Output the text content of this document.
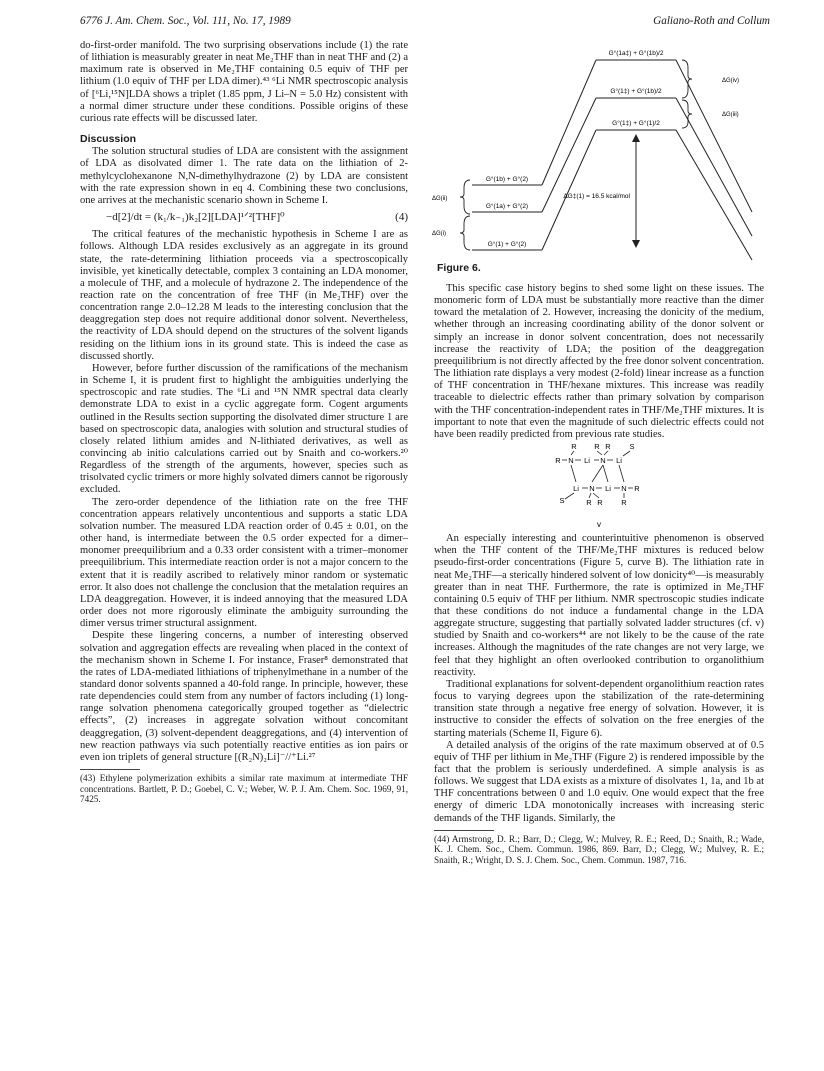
6776 J. Am. Chem. Soc., Vol. 111, No. 17, 1989	Galiano-Roth and Collum

do-first-order manifold. The two surprising observations include (1) the rate of lithiation is measurably greater in neat Me₂THF than in neat THF and (2) a maximum rate is observed in Me₂THF containing 0.5 equiv of THF per lithium (1.0 equiv of THF per LDA dimer).⁴³ ⁶Li NMR spectroscopic analysis of [⁶Li,¹⁵N]LDA shows a triplet (1.85 ppm, J Li–N = 5.0 Hz) consistent with a normal dimer structure under these conditions. Possible origins of these curious rate effects will be discussed later.

Discussion

The solution structural studies of LDA are consistent with the assignment of LDA as disolvated dimer 1. The rate data on the lithiation of 2-methylcyclohexanone N,N-dimethylhydrazone (2) by LDA are consistent with the rate expression shown in eq 4. Combining these two conclusions, one arrives at the mechanistic scenario shown in Scheme I.

−d[2]/dt = (k₁/k₋₁)k₂[2][LDA]¹ᐟ²[THF]⁰	(4)

The critical features of the mechanistic hypothesis in Scheme I are as follows. Although LDA resides exclusively as an aggregate in its ground state, the rate-determining lithiation proceeds via a spectroscopically invisible, yet kinetically detectable, complex 3 containing an LDA monomer, a molecule of THF, and a molecule of hydrazone 2. The independence of the reaction rate on the concentration of free THF (in Me₂THF) over the concentration range 2.0–12.28 M leads to the interesting conclusion that the deaggregation step does not require additional donor solvent. Nevertheless, the reactivity of LDA should depend on the structures of the solvent ligands residing on the lithium ions in its ground state. This is indeed the case as discussed shortly.

However, before further discussion of the ramifications of the mechanism in Scheme I, it is prudent first to highlight the ambiguities underlying the spectroscopic and rate studies. The ⁶Li and ¹⁵N NMR spectral data clearly demonstrate LDA to exist in a cyclic aggregate form. Cogent arguments outlined in the Results section supporting the disolvated dimer structure 1 are based on spectroscopic data, analogies with solution and structural studies of closely related lithium amides and N-lithiated derivatives, as well as convincing ab initio calculations carried out by Snaith and co-workers.²⁰ Regardless of the strength of the arguments, however, species such as trisolvated cyclic trimers or more highly solvated dimers cannot be rigorously excluded.

The zero-order dependence of the lithiation rate on the free THF concentration appears relatively uncontentious and supports a static LDA solvation number. The measured LDA reaction order of 0.45 ± 0.01, on the other hand, is intermediate between the 0.5 order expected for a dimer–monomer preequilibrium and a 0.33 order consistent with a trimer–monomer preequilibrium. This intermediate reaction order is not a major concern to the extent that it is readily ascribed to relatively minor random or systematic error. It also does not challenge the conclusion that the metalation requires an LDA deaggregation. However, it is indeed annoying that the measured LDA order does not more rigorously eliminate the ambiguity surrounding the dimer versus trimer structural assignment.

Despite these lingering concerns, a number of interesting observed solvation and aggregation effects are revealing when placed in the context of the mechanism shown in Scheme I. For instance, Fraser⁸ demonstrated that the rates of LDA-mediated lithiations of triphenylmethane in a number of the standard donor solvents spanned a 40-fold range. In principle, however, these rate dependencies could stem from any number of factors including (1) long-range solvation phenomena categorically grouped together as “dielectric effects”, (2) increases in aggregate solvation without concomitant deaggregation, (3) solvent-dependent deaggregations, and (4) intervention of new reaction pathways via such potentially reactive entities as ion pairs or even ion triplets of general structure [(R₂N)₂Li]⁻//⁺Li.²⁷

(43) Ethylene polymerization exhibits a similar rate maximum at intermediate THF concentrations. Bartlett, P. D.; Goebel, C. V.; Weber, W. P. J. Am. Chem. Soc. 1969, 91, 7425.
G°(1a‡) + G°(1b)/2
G°(1‡) + G°(1b)/2
G°(1‡) + G°(1)/2
G°(1b) + G°(2)
G°(1a) + G°(2)
G°(1) + G°(2)
ΔG(iv)
ΔG(iii)
ΔG(ii)
ΔG(i)
ΔG‡(1) = 16.5 kcal/mol
Figure 6.

This specific case history begins to shed some light on these issues. The monomeric form of LDA must be substantially more reactive than the dimer toward the metalation of 2. However, increasing the donicity of the medium, whether through an increasing coordinating ability of the donor solvent or simply an increase in donor solvent concentration, does not necessarily increase the reactivity of LDA; the position of the deaggregation preequilibrium is not directly affected by the free donor solvent concentration. The lithiation rate displays a very modest (2-fold) linear increase as a function of THF concentration in THF/hexane mixtures. This increase was readily traceable to dielectric effects rather than primary solvation by comparison with the THF concentration-independent rates in THF/Me₂THF mixtures. It is important to note that even the magnitude of such dielectric effects could not have been readily predicted from previous rate studies.

R N Li N Li
S
R R R
Li N Li N R
S	R R R
v

An especially interesting and counterintuitive phenomenon is observed when the THF content of the THF/Me₂THF mixtures is reduced below pseudo-first-order concentrations (Figure 5, curve B). The lithiation rate in neat Me₂THF—a sterically hindered solvent of low donicity⁴⁰—is measurably greater than in neat THF. Furthermore, the rate is optimized in Me₂THF containing 0.5 equiv of THF per lithium. NMR spectroscopic studies indicate that these conditions do not induce a fundamental change in the LDA aggregate structure, suggesting that partially solvated ladder structures (cf. v) studied by Snaith and co-workers⁴⁴ are not likely to be the cause of the rate increases. Although the magnitudes of the rate changes are not very large, we feel that they highlight an often overlooked contribution to organolithium reactivity.

Traditional explanations for solvent-dependent organolithium reaction rates focus to varying degrees upon the stabilization of the rate-determining transition state through a negative free energy of solvation. However, it is instructive to consider the effects of solvation on the free energies of the starting materials (Scheme II, Figure 6).

A detailed analysis of the origins of the rate maximum observed at of 0.5 equiv of THF per lithium in Me₂THF (Figure 2) is rendered impossible by the fact that the problem is seriously underdefined. A simple analysis is as follows. We suggest that LDA exists as a mixture of disolvates 1, 1a, and 1b at THF concentrations between 0 and 1.0 equiv. One would expect that the free energy of dimeric LDA monotonically increases with increasing steric demands of the THF ligands. Similarly, the

(44) Armstrong, D. R.; Barr, D.; Clegg, W.; Mulvey, R. E.; Reed, D.; Snaith, R.; Wade, K. J. Chem. Soc., Chem. Commun. 1986, 869. Barr, D.; Clegg, W.; Mulvey, R. E.; Snaith, R.; Wright, D. S. J. Chem. Soc., Chem. Commun. 1987, 716.
